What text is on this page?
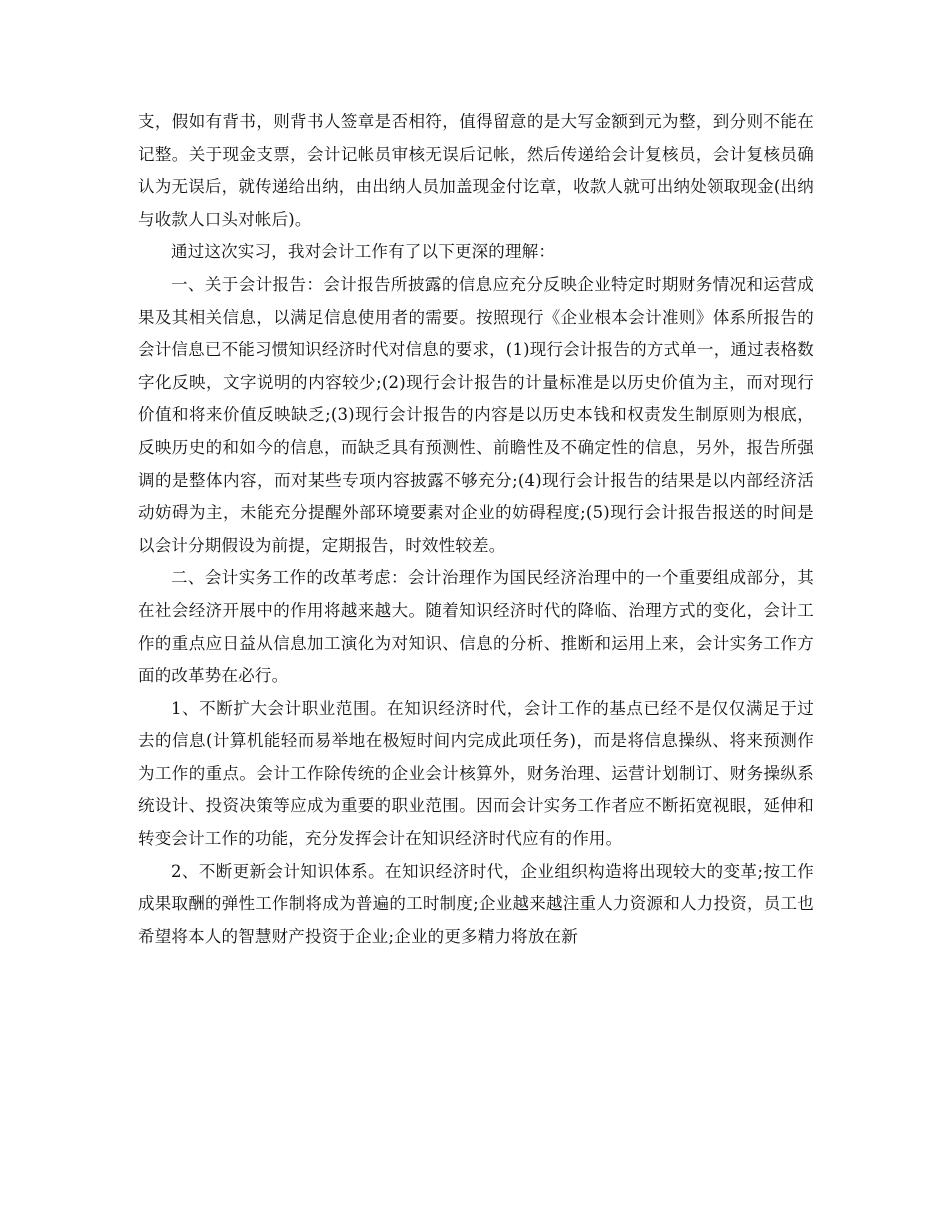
支，假如有背书，则背书人签章是否相符，值得留意的是大写金额到元为整，到分则不能在记整。关于现金支票，会计记帐员审核无误后记帐，然后传递给会计复核员，会计复核员确认为无误后，就传递给出纳，由出纳人员加盖现金付讫章，收款人就可出纳处领取现金(出纳与收款人口头对帐后)。

通过这次实习，我对会计工作有了以下更深的理解：

一、关于会计报告：会计报告所披露的信息应充分反映企业特定时期财务情况和运营成果及其相关信息，以满足信息使用者的需要。按照现行《企业根本会计准则》体系所报告的会计信息已不能习惯知识经济时代对信息的要求，(1)现行会计报告的方式单一，通过表格数字化反映，文字说明的内容较少;(2)现行会计报告的计量标准是以历史价值为主，而对现行价值和将来价值反映缺乏;(3)现行会计报告的内容是以历史本钱和权责发生制原则为根底，反映历史的和如今的信息，而缺乏具有预测性、前瞻性及不确定性的信息，另外，报告所强调的是整体内容，而对某些专项内容披露不够充分;(4)现行会计报告的结果是以内部经济活动妨碍为主，未能充分提醒外部环境要素对企业的妨碍程度;(5)现行会计报告报送的时间是以会计分期假设为前提，定期报告，时效性较差。

二、会计实务工作的改革考虑：会计治理作为国民经济治理中的一个重要组成部分，其在社会经济开展中的作用将越来越大。随着知识经济时代的降临、治理方式的变化，会计工作的重点应日益从信息加工演化为对知识、信息的分析、推断和运用上来，会计实务工作方面的改革势在必行。

1、不断扩大会计职业范围。在知识经济时代，会计工作的基点已经不是仅仅满足于过去的信息(计算机能轻而易举地在极短时间内完成此项任务)，而是将信息操纵、将来预测作为工作的重点。会计工作除传统的企业会计核算外，财务治理、运营计划制订、财务操纵系统设计、投资决策等应成为重要的职业范围。因而会计实务工作者应不断拓宽视眼，延伸和转变会计工作的功能，充分发挥会计在知识经济时代应有的作用。

2、不断更新会计知识体系。在知识经济时代，企业组织构造将出现较大的变革;按工作成果取酬的弹性工作制将成为普遍的工时制度;企业越来越注重人力资源和人力投资，员工也希望将本人的智慧财产投资于企业;企业的更多精力将放在新
